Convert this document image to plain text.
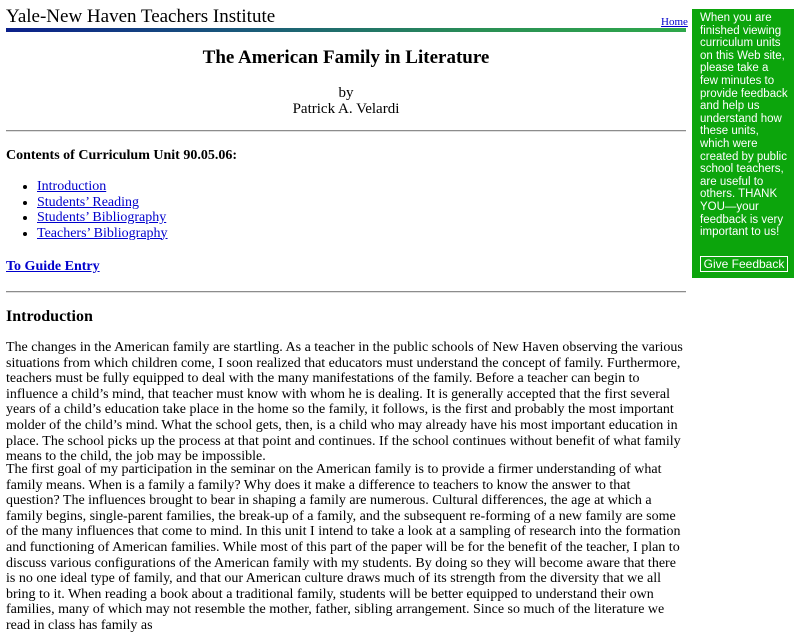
Yale-New Haven Teachers Institute	Home
The American Family in Literature
by
Patrick A. Velardi
Contents of Curriculum Unit 90.05.06:
• Introduction
• Students’ Reading
• Students’ Bibliography
• Teachers’ Bibliography
To Guide Entry
Introduction

The changes in the American family are startling. As a teacher in the public schools of New Haven observing the various situations from which children come, I soon realized that educators must understand the concept of family. Furthermore, teachers must be fully equipped to deal with the many manifestations of the family. Before a teacher can begin to influence a child’s mind, that teacher must know with whom he is dealing. It is generally accepted that the first several years of a child’s education take place in the home so the family, it follows, is the first and probably the most important molder of the child’s mind. What the school gets, then, is a child who may already have his most important education in place. The school picks up the process at that point and continues. If the school continues without benefit of what family means to the child, the job may be impossible.

The first goal of my participation in the seminar on the American family is to provide a firmer understanding of what family means. When is a family a family? Why does it make a difference to teachers to know the answer to that question? The influences brought to bear in shaping a family are numerous. Cultural differences, the age at which a family begins, single-parent families, the break-up of a family, and the subsequent re-forming of a new family are some of the many influences that come to mind. In this unit I intend to take a look at a sampling of research into the formation and functioning of American families. While most of this part of the paper will be for the benefit of the teacher, I plan to discuss various configurations of the American family with my students. By doing so they will become aware that there is no one ideal type of family, and that our American culture draws much of its strength from the diversity that we all bring to it. When reading a book about a traditional family, students will be better equipped to understand their own families, many of which may not resemble the mother, father, sibling arrangement. Since so much of the literature we read in class has family as

When you are finished viewing curriculum units on this Web site, please take a few minutes to provide feedback and help us understand how these units, which were created by public school teachers, are useful to others. THANK YOU—your feedback is very important to us!
Give Feedback
